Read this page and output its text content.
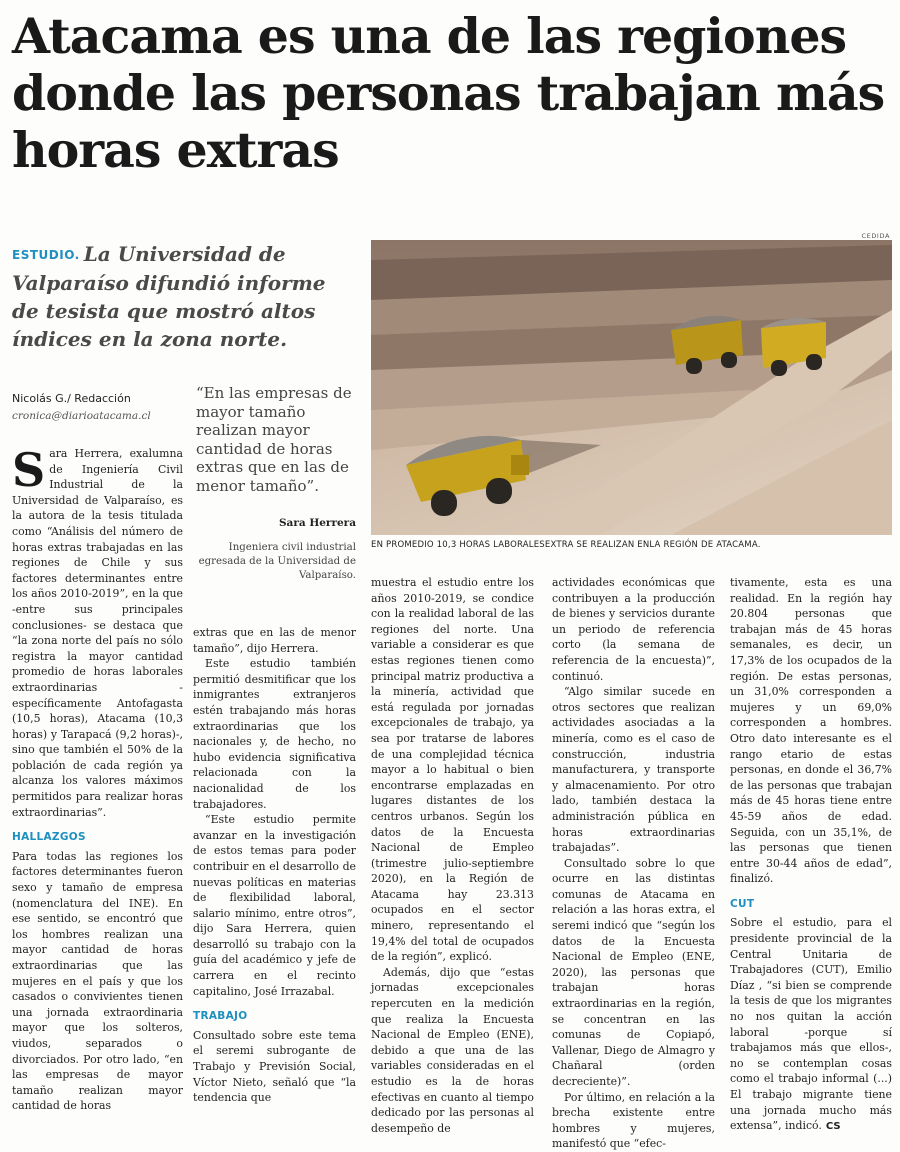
Atacama es una de las regiones donde las personas trabajan más horas extras

ESTUDIO. La Universidad de Valparaíso difundió informe de tesista que mostró altos índices en la zona norte.

Nicolás G./ Redacción
cronica@diarioatacama.cl
“En las empresas de mayor tamaño realizan mayor cantidad de horas extras que en las de menor tamaño”.
Sara Herrera
Ingeniera civil industrial egresada de la Universidad de Valparaíso.
CEDIDA
EN PROMEDIO 10,3 HORAS LABORALESEXTRA SE REALIZAN ENLA REGIÓN DE ATACAMA.

Sara Herrera, exalumna de Ingeniería Civil Industrial de la Universidad de Valparaíso, es la autora de la tesis titulada como “Análisis del número de horas extras trabajadas en las regiones de Chile y sus factores determinantes entre los años 2010-2019”, en la que -entre sus principales conclusiones- se destaca que “la zona norte del país no sólo registra la mayor cantidad promedio de horas laborales extraordinarias -específicamente Antofagasta (10,5 horas), Atacama (10,3 horas) y Tarapacá (9,2 horas)-, sino que también el 50% de la población de cada región ya alcanza los valores máximos permitidos para realizar horas extraordinarias”.

HALLAZGOS

Para todas las regiones los factores determinantes fueron sexo y tamaño de empresa (nomenclatura del INE). En ese sentido, se encontró que los hombres realizan una mayor cantidad de horas extraordinarias que las mujeres en el país y que los casados o convivientes tienen una jornada extraordinaria mayor que los solteros, viudos, separados o divorciados. Por otro lado, “en las empresas de mayor tamaño realizan mayor cantidad de horas

extras que en las de menor tamaño”, dijo Herrera.

Este estudio también permitió desmitificar que los inmigrantes extranjeros estén trabajando más horas extraordinarias que los nacionales y, de hecho, no hubo evidencia significativa relacionada con la nacionalidad de los trabajadores.

“Este estudio permite avanzar en la investigación de estos temas para poder contribuir en el desarrollo de nuevas políticas en materias de flexibilidad laboral, salario mínimo, entre otros”, dijo Sara Herrera, quien desarrolló su trabajo con la guía del académico y jefe de carrera en el recinto capitalino, José Irrazabal.

TRABAJO

Consultado sobre este tema el seremi subrogante de Trabajo y Previsión Social, Víctor Nieto, señaló que “la tendencia que

muestra el estudio entre los años 2010-2019, se condice con la realidad laboral de las regiones del norte. Una variable a considerar es que estas regiones tienen como principal matriz productiva a la minería, actividad que está regulada por jornadas excepcionales de trabajo, ya sea por tratarse de labores de una complejidad técnica mayor a lo habitual o bien encontrarse emplazadas en lugares distantes de los centros urbanos. Según los datos de la Encuesta Nacional de Empleo (trimestre julio-septiembre 2020), en la Región de Atacama hay 23.313 ocupados en el sector minero, representando el 19,4% del total de ocupados de la región”, explicó.

Además, dijo que “estas jornadas excepcionales repercuten en la medición que realiza la Encuesta Nacional de Empleo (ENE), debido a que una de las variables consideradas en el estudio es la de horas efectivas en cuanto al tiempo dedicado por las personas al desempeño de

actividades económicas que contribuyen a la producción de bienes y servicios durante un periodo de referencia corto (la semana de referencia de la encuesta)”, continuó.

“Algo similar sucede en otros sectores que realizan actividades asociadas a la minería, como es el caso de construcción, industria manufacturera, y transporte y almacenamiento. Por otro lado, también destaca la administración pública en horas extraordinarias trabajadas”.

Consultado sobre lo que ocurre en las distintas comunas de Atacama en relación a las horas extra, el seremi indicó que “según los datos de la Encuesta Nacional de Empleo (ENE, 2020), las personas que trabajan horas extraordinarias en la región, se concentran en las comunas de Copiapó, Vallenar, Diego de Almagro y Chañaral (orden decreciente)”.

Por último, en relación a la brecha existente entre hombres y mujeres, manifestó que “efec-

tivamente, esta es una realidad. En la región hay 20.804 personas que trabajan más de 45 horas semanales, es decir, un 17,3% de los ocupados de la región. De estas personas, un 31,0% corresponden a mujeres y un 69,0% corresponden a hombres. Otro dato interesante es el rango etario de estas personas, en donde el 36,7% de las personas que trabajan más de 45 horas tiene entre 45-59 años de edad. Seguida, con un 35,1%, de las personas que tienen entre 30-44 años de edad”, finalizó.

CUT

Sobre el estudio, para el presidente provincial de la Central Unitaria de Trabajadores (CUT), Emilio Díaz , “si bien se comprende la tesis de que los migrantes no nos quitan la acción laboral -porque sí trabajamos más que ellos-, no se contemplan cosas como el trabajo informal (...) El trabajo migrante tiene una jornada mucho más extensa”, indicó. CS
